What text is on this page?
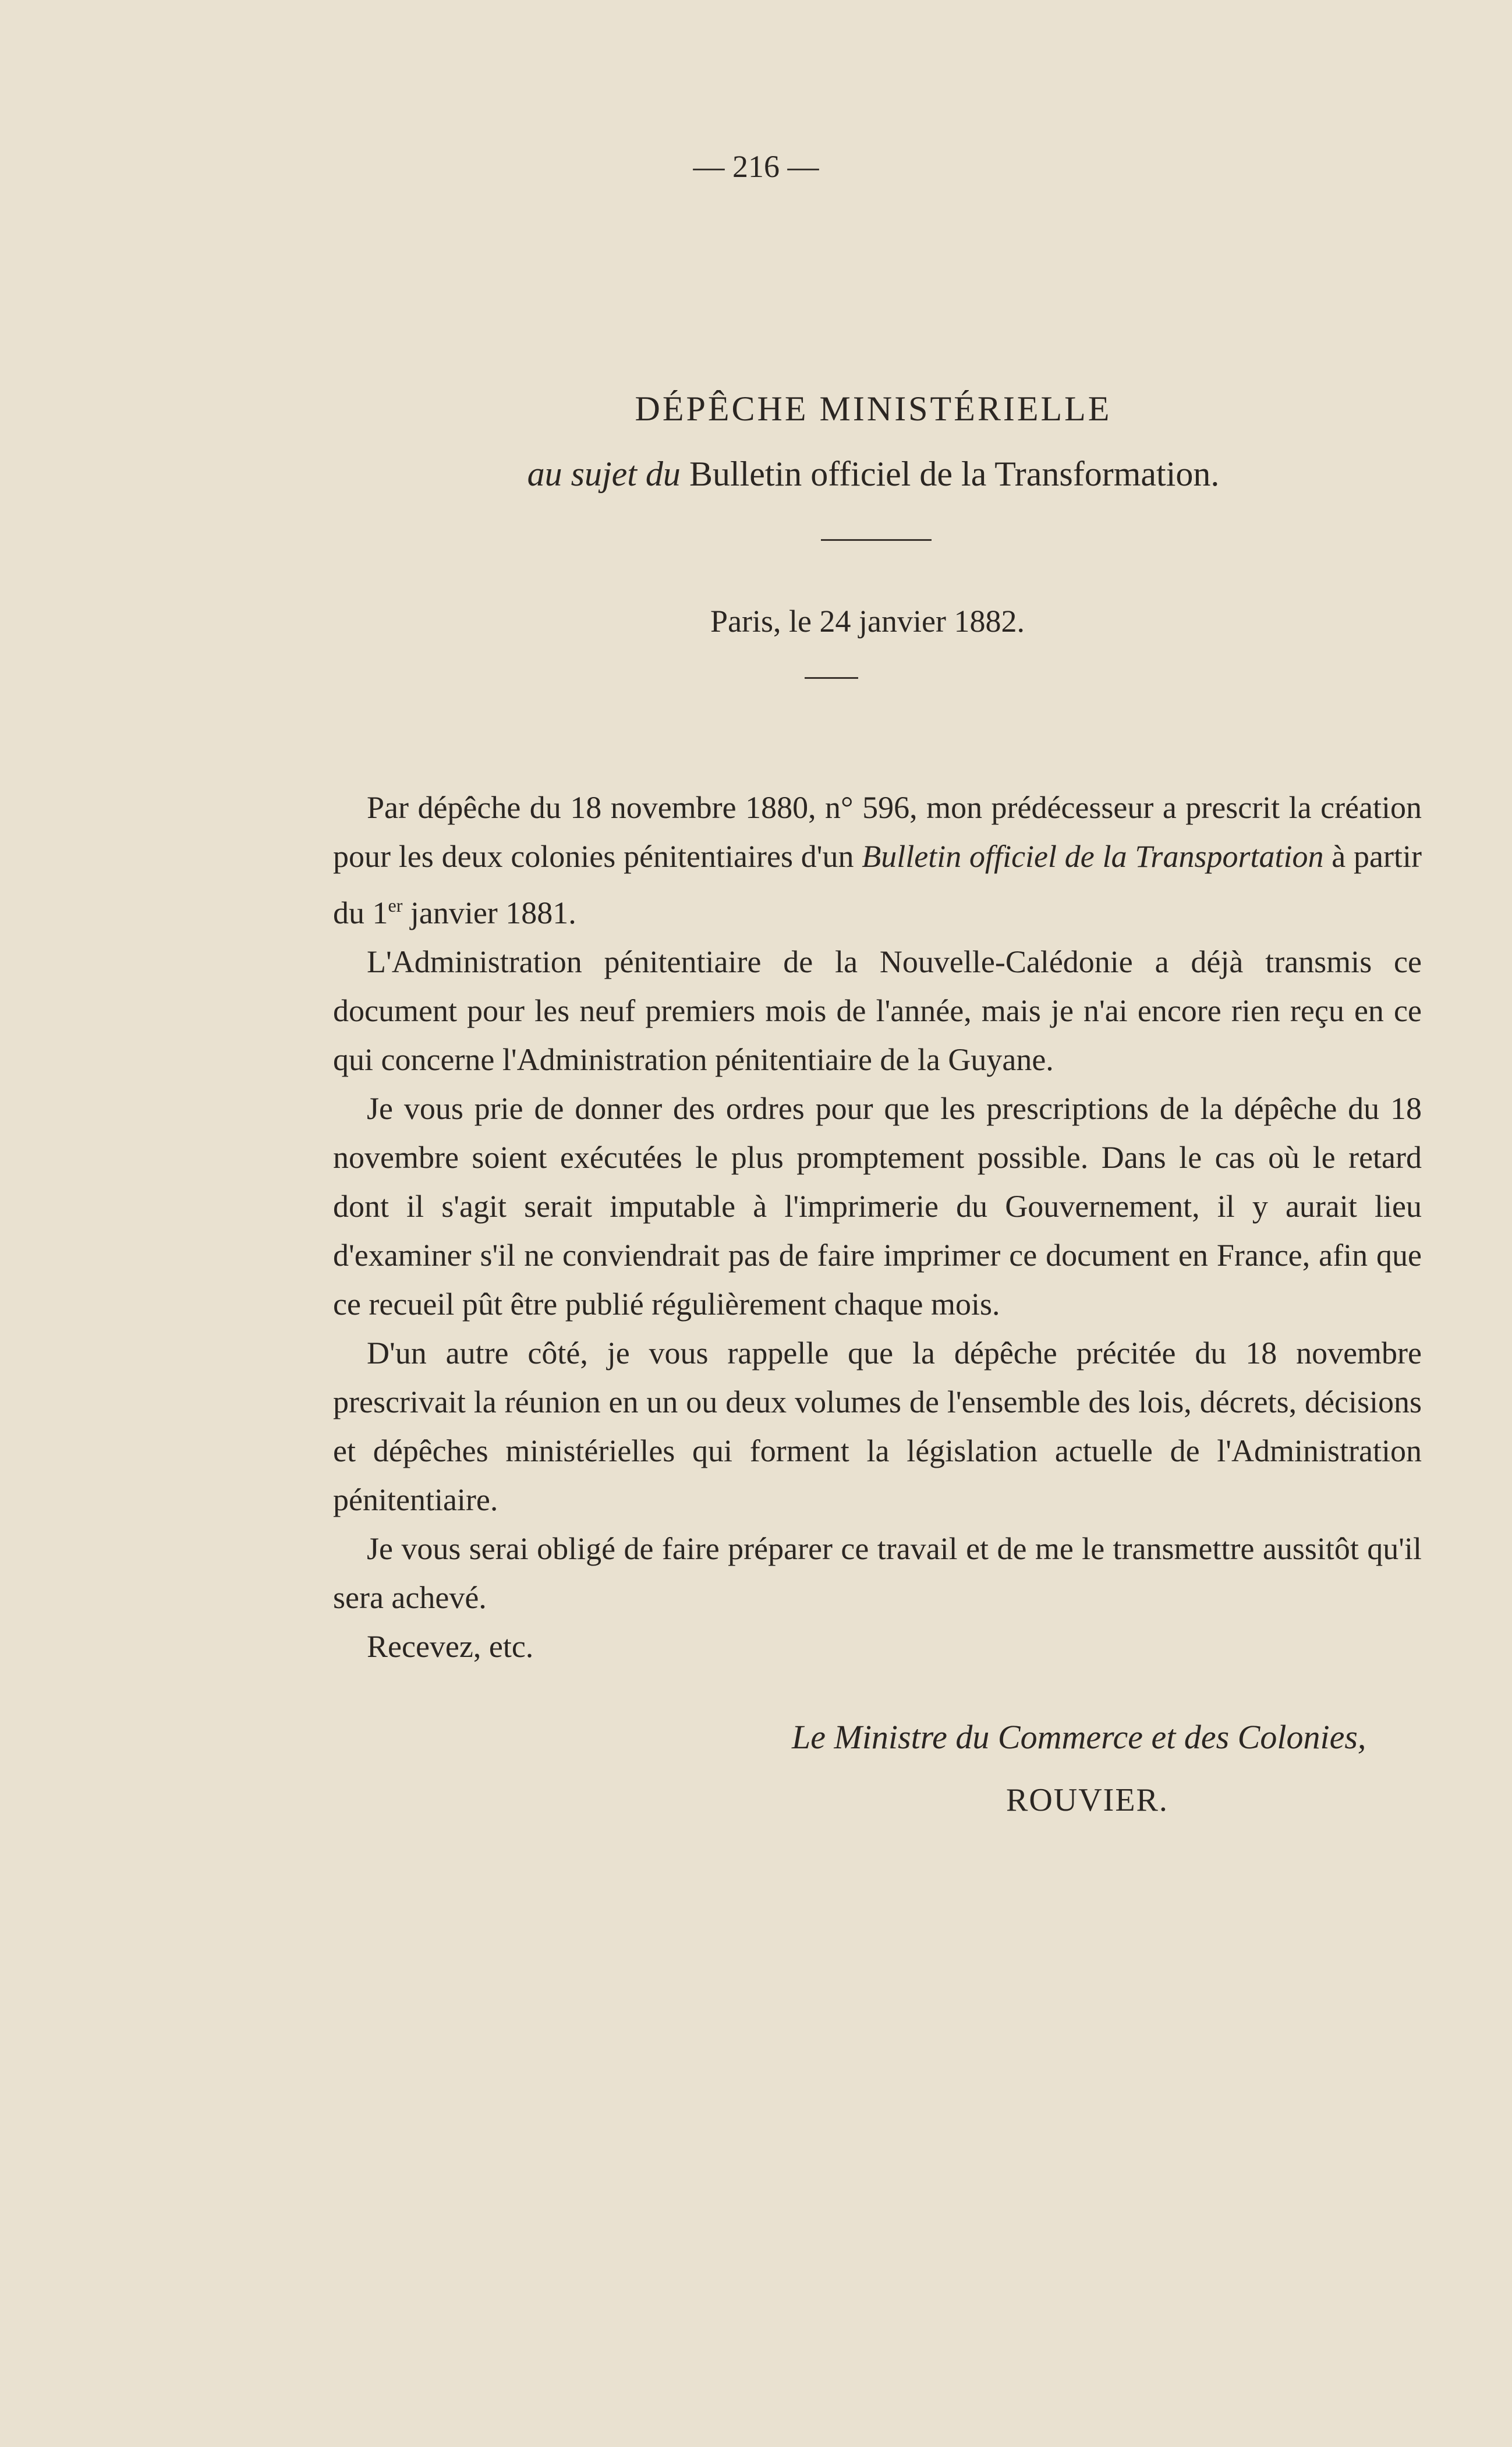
— 216 —
DÉPÊCHE MINISTÉRIELLE
au sujet du Bulletin officiel de la Transformation.
Paris, le 24 janvier 1882.

Par dépêche du 18 novembre 1880, n° 596, mon prédécesseur a prescrit la création pour les deux colonies pénitentiaires d'un Bulletin officiel de la Transportation à partir du 1er janvier 1881.

L'Administration pénitentiaire de la Nouvelle-Calédonie a déjà transmis ce document pour les neuf premiers mois de l'année, mais je n'ai encore rien reçu en ce qui concerne l'Administration pénitentiaire de la Guyane.

Je vous prie de donner des ordres pour que les prescriptions de la dépêche du 18 novembre soient exécutées le plus promptement possible. Dans le cas où le retard dont il s'agit serait imputable à l'imprimerie du Gouvernement, il y aurait lieu d'examiner s'il ne conviendrait pas de faire imprimer ce document en France, afin que ce recueil pût être publié régulièrement chaque mois.

D'un autre côté, je vous rappelle que la dépêche précitée du 18 novembre prescrivait la réunion en un ou deux volumes de l'ensemble des lois, décrets, décisions et dépêches ministérielles qui forment la législation actuelle de l'Administration pénitentiaire.

Je vous serai obligé de faire préparer ce travail et de me le transmettre aussitôt qu'il sera achevé.

Recevez, etc.

Le Ministre du Commerce et des Colonies,
ROUVIER.
